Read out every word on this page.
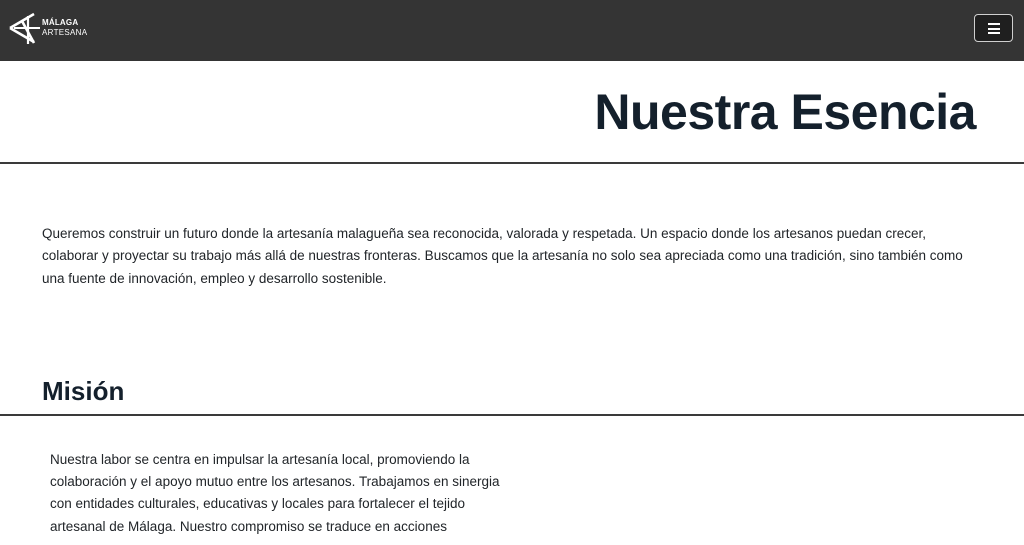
MÁLAGA
ARTESANA
Nuestra Esencia

Queremos construir un futuro donde la artesanía malagueña sea reconocida, valorada y respetada. Un espacio donde los artesanos puedan crecer, colaborar y proyectar su trabajo más allá de nuestras fronteras. Buscamos que la artesanía no solo sea apreciada como una tradición, sino también como una fuente de innovación, empleo y desarrollo sostenible.

Misión

Nuestra labor se centra en impulsar la artesanía local, promoviendo la colaboración y el apoyo mutuo entre los artesanos. Trabajamos en sinergia con entidades culturales, educativas y locales para fortalecer el tejido artesanal de Málaga. Nuestro compromiso se traduce en acciones
